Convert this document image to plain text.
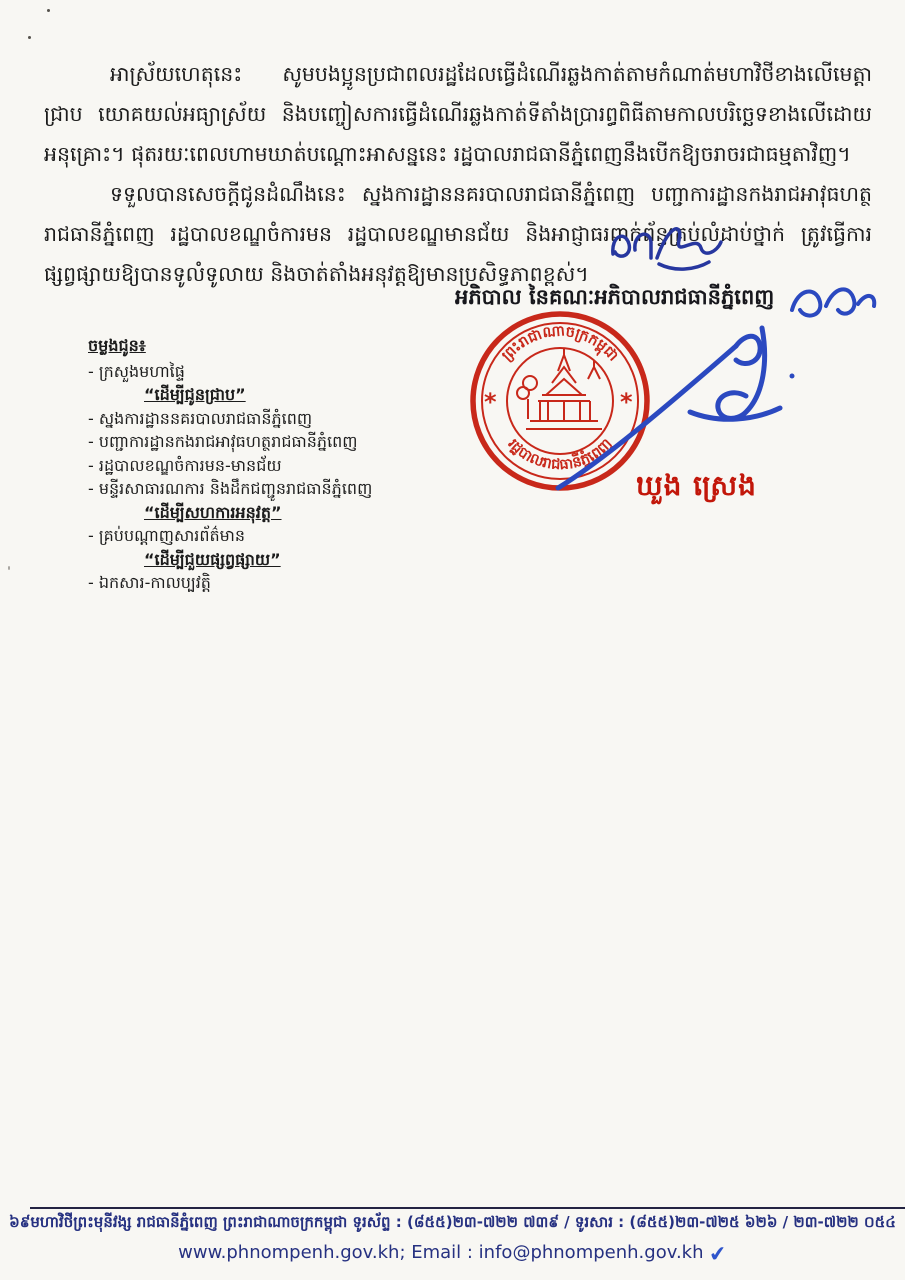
អាស្រ័យហេតុនេះ សូមបងប្អូនប្រជាពលរដ្ឋដែលធ្វើដំណើរឆ្លងកាត់តាមកំណាត់មហាវិថីខាងលើមេត្តាជ្រាប យោគយល់អធ្យាស្រ័យ និងបញ្ចៀសការធ្វើដំណើរឆ្លងកាត់ទីតាំងប្រារព្ធពិធីតាមកាលបរិច្ឆេទខាងលើដោយអនុគ្រោះ។ ផុតរយៈពេលហាមឃាត់បណ្ដោះអាសន្ននេះ រដ្ឋបាលរាជធានីភ្នំពេញនឹងបើកឱ្យចរាចរជាធម្មតាវិញ។

ទទួលបានសេចក្ដីជូនដំណឹងនេះ ស្នងការដ្ឋាននគរបាលរាជធានីភ្នំពេញ បញ្ជាការដ្ឋានកងរាជអាវុធហត្ថរាជធានីភ្នំពេញ រដ្ឋបាលខណ្ឌចំការមន រដ្ឋបាលខណ្ឌមានជ័យ និងអាជ្ញាធរពាក់ព័ន្ធគ្រប់លំដាប់ថ្នាក់ ត្រូវធ្វើការផ្សព្វផ្សាយឱ្យបានទូលំទូលាយ និងចាត់តាំងអនុវត្តឱ្យមានប្រសិទ្ធភាពខ្ពស់។

អភិបាល នៃគណៈអភិបាលរាជធានីភ្នំពេញ
ព្រះរាជាណាចក្រកម្ពុជា
រដ្ឋបាលរាជធានីភ្នំពេញ
*	*
ឃួង ស្រេង
ចម្លងជូន៖
- ក្រសួងមហាផ្ទៃ
“ដើម្បីជូនជ្រាប”
- ស្នងការដ្ឋាននគរបាលរាជធានីភ្នំពេញ
- បញ្ជាការដ្ឋានកងរាជអាវុធហត្ថរាជធានីភ្នំពេញ
- រដ្ឋបាលខណ្ឌចំការមន-មានជ័យ
- មន្ទីរសាធារណការ និងដឹកជញ្ជូនរាជធានីភ្នំពេញ
“ដើម្បីសហការអនុវត្ត”
- គ្រប់បណ្ដាញសារព័ត៌មាន
“ដើម្បីជួយផ្សព្វផ្សាយ”
- ឯកសារ-កាលប្បវត្តិ
៦៩មហាវិថីព្រះមុនីវង្ស រាជធានីភ្នំពេញ ព្រះរាជាណាចក្រកម្ពុជា ទូរស័ព្ទ : (៨៥៥)២៣-៧២២ ៧៣៩ / ទូរសារ : (៨៥៥)២៣-៧២៥ ៦២៦ / ២៣-៧២២ ០៥៤
www.phnompenh.gov.kh; Email : info@phnompenh.gov.kh ✔
